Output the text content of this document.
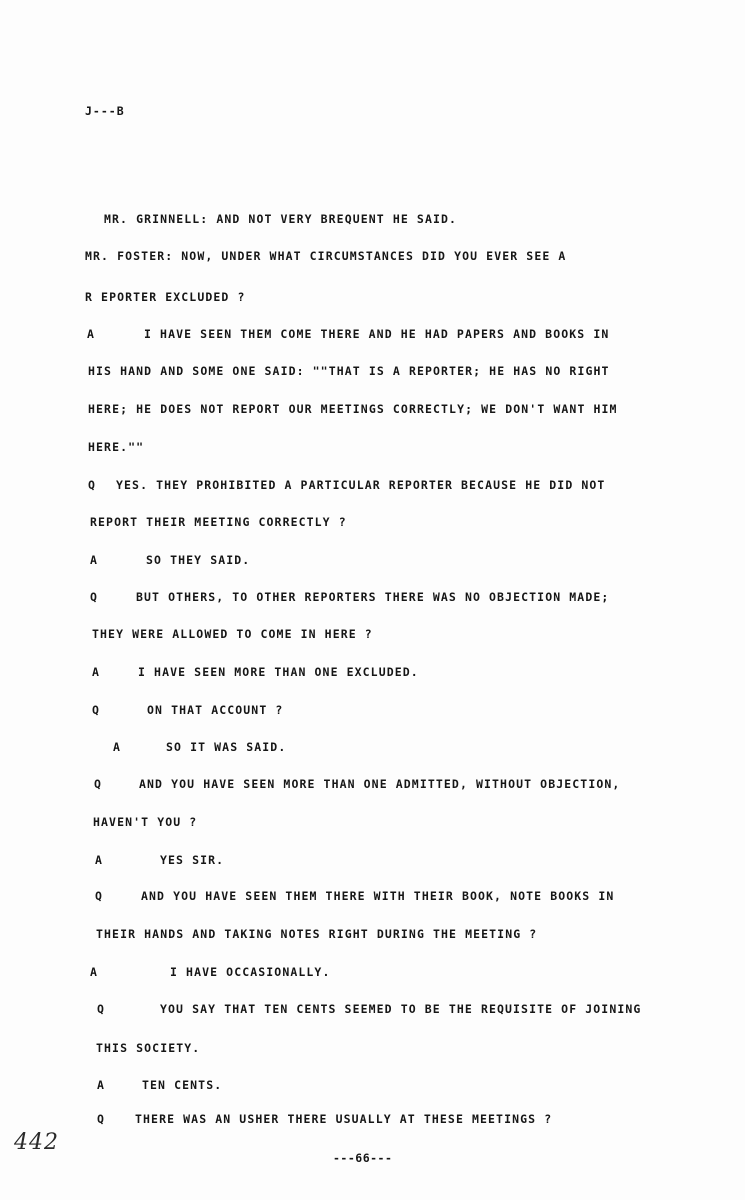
J---B
MR. GRINNELL: AND NOT VERY BREQUENT HE SAID.
MR. FOSTER: NOW, UNDER WHAT CIRCUMSTANCES DID YOU EVER SEE A
R EPORTER EXCLUDED ?
A	I HAVE SEEN THEM COME THERE AND HE HAD PAPERS AND BOOKS IN
HIS HAND AND SOME ONE SAID: ""THAT IS A REPORTER; HE HAS NO RIGHT
HERE; HE DOES NOT REPORT OUR MEETINGS CORRECTLY; WE DON'T WANT HIM
HERE.""
Q YES. THEY PROHIBITED A PARTICULAR REPORTER BECAUSE HE DID NOT
REPORT THEIR MEETING CORRECTLY ?
A	SO THEY SAID.
Q	BUT OTHERS, TO OTHER REPORTERS THERE WAS NO OBJECTION MADE;
THEY WERE ALLOWED TO COME IN HERE ?
A	I HAVE SEEN MORE THAN ONE EXCLUDED.
Q	ON THAT ACCOUNT ?
A	SO IT WAS SAID.
Q	AND YOU HAVE SEEN MORE THAN ONE ADMITTED, WITHOUT OBJECTION,
HAVEN'T YOU ?
A	YES SIR.
Q	AND YOU HAVE SEEN THEM THERE WITH THEIR BOOK, NOTE BOOKS IN
THEIR HANDS AND TAKING NOTES RIGHT DURING THE MEETING ?
A	I HAVE OCCASIONALLY.
Q	YOU SAY THAT TEN CENTS SEEMED TO BE THE REQUISITE OF JOINING
THIS SOCIETY.
A	TEN CENTS.
Q	THERE WAS AN USHER THERE USUALLY AT THESE MEETINGS ?
---66---
442
